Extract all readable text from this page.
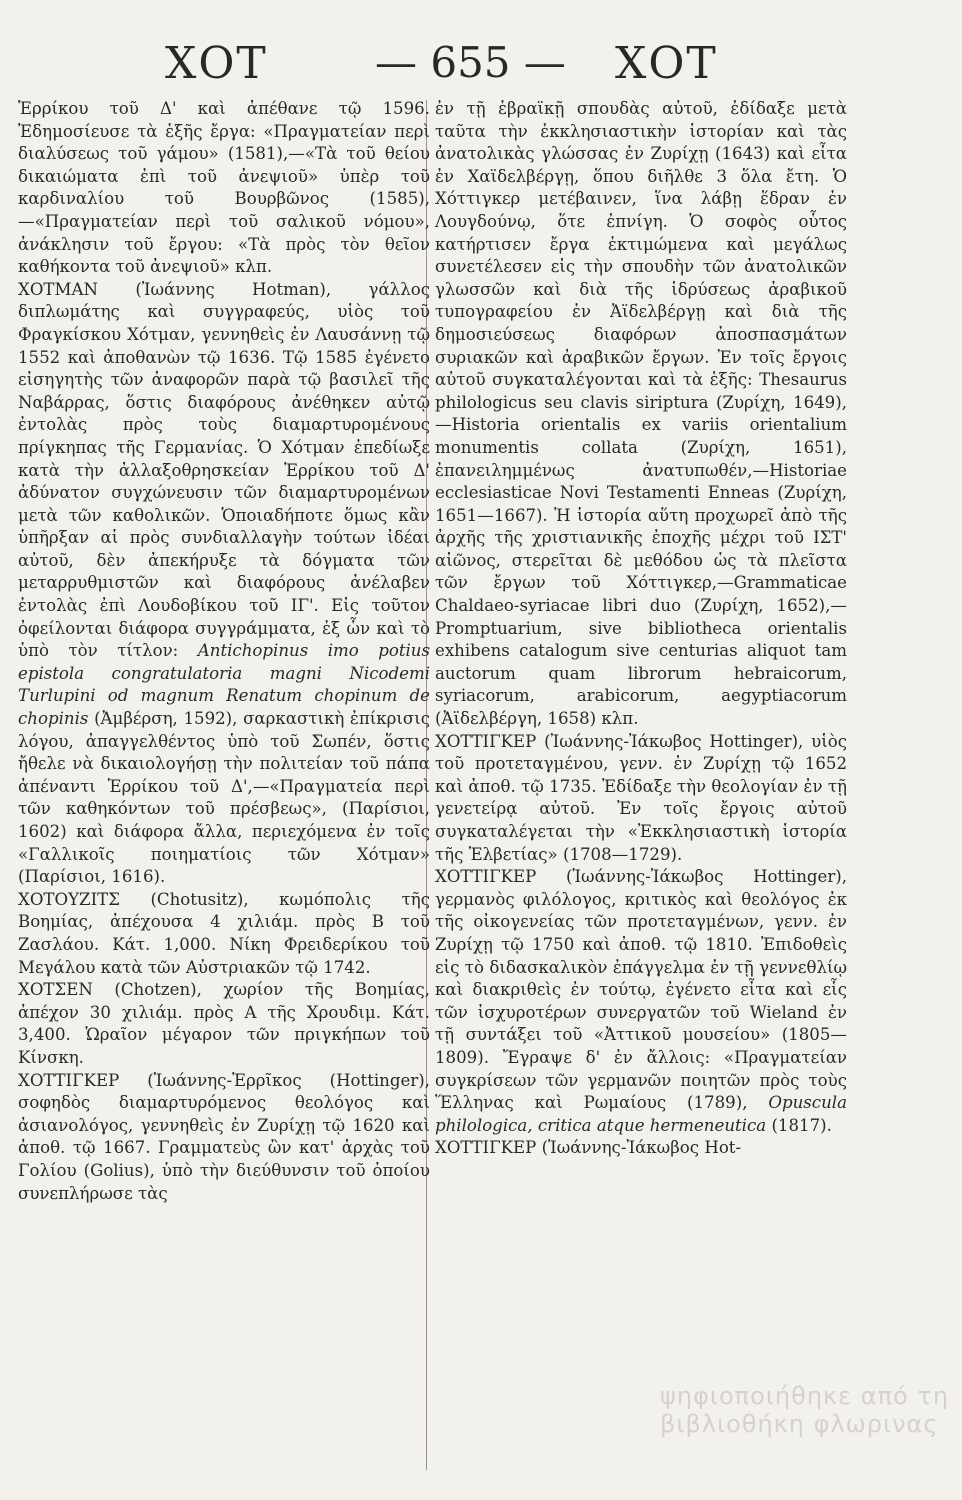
ΧΟΤ	— 655 — ΧΟΤ

Ἑρρίκου τοῦ Δ' καὶ ἀπέθανε τῷ 1596. Ἐδημοσίευσε τὰ ἑξῆς ἔργα: «Πραγματείαν περὶ διαλύσεως τοῦ γάμου» (1581),—«Τὰ τοῦ θείου δικαιώματα ἐπὶ τοῦ ἀνεψιοῦ» ὑπὲρ τοῦ καρδιναλίου τοῦ Βουρβῶνος (1585),—«Πραγματείαν περὶ τοῦ σαλικοῦ νόμου», ἀνάκλησιν τοῦ ἔργου: «Τὰ πρὸς τὸν θεῖον καθήκοντα τοῦ ἀνεψιοῦ» κλπ.

ΧΟΤΜΑΝ (Ἰωάννης Hotman), γάλλος διπλωμάτης καὶ συγγραφεύς, υἱὸς τοῦ Φραγκίσκου Χότμαν, γεννηθεὶς ἐν Λαυσάννῃ τῷ 1552 καὶ ἀποθανὼν τῷ 1636. Τῷ 1585 ἐγένετο εἰσηγητὴς τῶν ἀναφορῶν παρὰ τῷ βασιλεῖ τῆς Ναβάρρας, ὅστις διαφόρους ἀνέθηκεν αὐτῷ ἐντολὰς πρὸς τοὺς διαμαρτυρομένους πρίγκηπας τῆς Γερμανίας. Ὁ Χότμαν ἐπεδίωξε κατὰ τὴν ἀλλαξοθρησκείαν Ἑρρίκου τοῦ Δ' ἀδύνατον συγχώνευσιν τῶν διαμαρτυρομένων μετὰ τῶν καθολικῶν. Ὁποιαδήποτε ὅμως κἂν ὑπῆρξαν αἱ πρὸς συνδιαλλαγὴν τούτων ἰδέαι αὐτοῦ, δὲν ἀπεκήρυξε τὰ δόγματα τῶν μεταρρυθμιστῶν καὶ διαφόρους ἀνέλαβεν ἐντολὰς ἐπὶ Λουδοβίκου τοῦ ΙΓ'. Εἰς τοῦτον ὀφείλονται διάφορα συγγράμματα, ἐξ ὧν καὶ τὸ ὑπὸ τὸν τίτλον: Antichopinus imo potius epistola congratulatoria magni Nicodemi Turlupini od magnum Renatum chopinum de chopinis (Ἀμβέρση, 1592), σαρκαστικὴ ἐπίκρισις λόγου, ἀπαγγελθέντος ὑπὸ τοῦ Σωπέν, ὅστις ἤθελε νὰ δικαιολογήσῃ τὴν πολιτείαν τοῦ πάπα ἀπέναντι Ἑρρίκου τοῦ Δ',—«Πραγματεία περὶ τῶν καθηκόντων τοῦ πρέσβεως», (Παρίσιοι, 1602) καὶ διάφορα ἄλλα, περιεχόμενα ἐν τοῖς «Γαλλικοῖς ποιηματίοις τῶν Χότμαν» (Παρίσιοι, 1616).

ΧΟΤΟΥΖΙΤΣ (Chotusitz), κωμόπολις τῆς Βοημίας, ἀπέχουσα 4 χιλιάμ. πρὸς Β τοῦ Ζασλάου. Κάτ. 1,000. Νίκη Φρειδερίκου τοῦ Μεγάλου κατὰ τῶν Αὐστριακῶν τῷ 1742.

ΧΟΤΣΕΝ (Chotzen), χωρίον τῆς Βοημίας, ἀπέχον 30 χιλιάμ. πρὸς Α τῆς Χρουδιμ. Κάτ. 3,400. Ὡραῖον μέγαρον τῶν πριγκήπων τοῦ Κίνσκη.

ΧΟΤΤΙΓΚΕΡ (Ἰωάννης-Ἑρρῖκος (Hottinger), σοφηδὸς διαμαρτυρόμενος θεολόγος καὶ ἀσιανολόγος, γεννηθεὶς ἐν Ζυρίχῃ τῷ 1620 καὶ ἀποθ. τῷ 1667. Γραμματεὺς ὢν κατ' ἀρχὰς τοῦ Γολίου (Golius), ὑπὸ τὴν διεύθυνσιν τοῦ ὁποίου συνεπλήρωσε τὰς

ἐν τῇ ἑβραϊκῇ σπουδὰς αὐτοῦ, ἐδίδαξε μετὰ ταῦτα τὴν ἐκκλησιαστικὴν ἱστορίαν καὶ τὰς ἀνατολικὰς γλώσσας ἐν Ζυρίχῃ (1643) καὶ εἶτα ἐν Χαϊδελβέργῃ, ὅπου διῆλθε 3 ὅλα ἔτη. Ὁ Χόττιγκερ μετέβαινεν, ἵνα λάβῃ ἕδραν ἐν Λουγδούνῳ, ὅτε ἐπνίγη. Ὁ σοφὸς οὗτος κατήρτισεν ἔργα ἐκτιμώμενα καὶ μεγάλως συνετέλεσεν εἰς τὴν σπουδὴν τῶν ἀνατολικῶν γλωσσῶν καὶ διὰ τῆς ἱδρύσεως ἀραβικοῦ τυπογραφείου ἐν Ἀϊδελβέργῃ καὶ διὰ τῆς δημοσιεύσεως διαφόρων ἀποσπασμάτων συριακῶν καὶ ἀραβικῶν ἔργων. Ἐν τοῖς ἔργοις αὐτοῦ συγκαταλέγονται καὶ τὰ ἑξῆς: Thesaurus philologicus seu clavis siriptura (Ζυρίχη, 1649),—Historia orientalis ex variis orientalium monumentis collata (Ζυρίχη, 1651), ἐπανειλημμένως ἀνατυπωθέν,—Historiae ecclesiasticae Novi Testamenti Enneas (Ζυρίχη, 1651—1667). Ἡ ἱστορία αὕτη προχωρεῖ ἀπὸ τῆς ἀρχῆς τῆς χριστιανικῆς ἐποχῆς μέχρι τοῦ ΙΣΤ' αἰῶνος, στερεῖται δὲ μεθόδου ὡς τὰ πλεῖστα τῶν ἔργων τοῦ Χόττιγκερ,—Grammaticae Chaldaeo-syriacae libri duo (Ζυρίχη, 1652),—Promptuarium, sive bibliotheca orientalis exhibens catalogum sive centurias aliquot tam auctorum quam librorum hebraicorum, syriacorum, arabicorum, aegyptiacorum (Ἀϊδελβέργη, 1658) κλπ.

ΧΟΤΤΙΓΚΕΡ (Ἰωάννης-Ἰάκωβος Hottinger), υἱὸς τοῦ προτεταγμένου, γενν. ἐν Ζυρίχῃ τῷ 1652 καὶ ἀποθ. τῷ 1735. Ἐδίδαξε τὴν θεολογίαν ἐν τῇ γενετείρᾳ αὐτοῦ. Ἐν τοῖς ἔργοις αὐτοῦ συγκαταλέγεται τὴν «Ἐκκλησιαστικὴ ἱστορία τῆς Ἑλβετίας» (1708—1729).

ΧΟΤΤΙΓΚΕΡ (Ἰωάννης-Ἰάκωβος Hottinger), γερμανὸς φιλόλογος, κριτικὸς καὶ θεολόγος ἐκ τῆς οἰκογενείας τῶν προτεταγμένων, γενν. ἐν Ζυρίχῃ τῷ 1750 καὶ ἀποθ. τῷ 1810. Ἐπιδοθεὶς εἰς τὸ διδασκαλικὸν ἐπάγγελμα ἐν τῇ γεννεθλίῳ καὶ διακριθεὶς ἐν τούτῳ, ἐγένετο εἶτα καὶ εἷς τῶν ἰσχυροτέρων συνεργατῶν τοῦ Wieland ἐν τῇ συντάξει τοῦ «Ἀττικοῦ μουσείου» (1805—1809). Ἔγραψε δ' ἐν ἄλλοις: «Πραγματείαν συγκρίσεων τῶν γερμανῶν ποιητῶν πρὸς τοὺς Ἕλληνας καὶ Ρωμαίους (1789), Opuscula philologica, critica atque hermeneutica (1817).

ΧΟΤΤΙΓΚΕΡ (Ἰωάννης-Ἰάκωβος Hot-

ψηφιοποιήθηκε από τη βιβλιοθήκη φλωρινας
